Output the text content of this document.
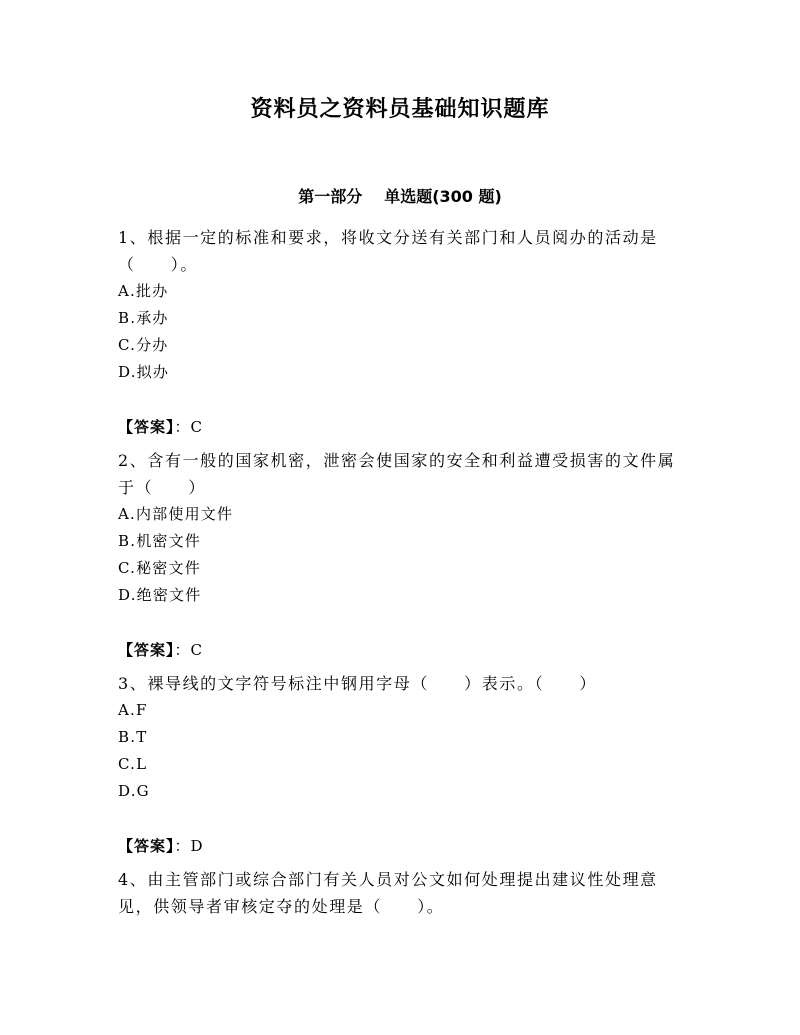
资料员之资料员基础知识题库
第一部分 单选题(300 题)

1、根据一定的标准和要求，将收文分送有关部门和人员阅办的活动是（　　）。

A.批办
B.承办
C.分办
D.拟办
【答案】：C

2、含有一般的国家机密，泄密会使国家的安全和利益遭受损害的文件属于（　　）

A.内部使用文件
B.机密文件
C.秘密文件
D.绝密文件
【答案】：C

3、裸导线的文字符号标注中钢用字母（　　）表示。（　　）

A.F
B.T
C.L
D.G
【答案】：D

4、由主管部门或综合部门有关人员对公文如何处理提出建议性处理意见，供领导者审核定夺的处理是（　　）。
